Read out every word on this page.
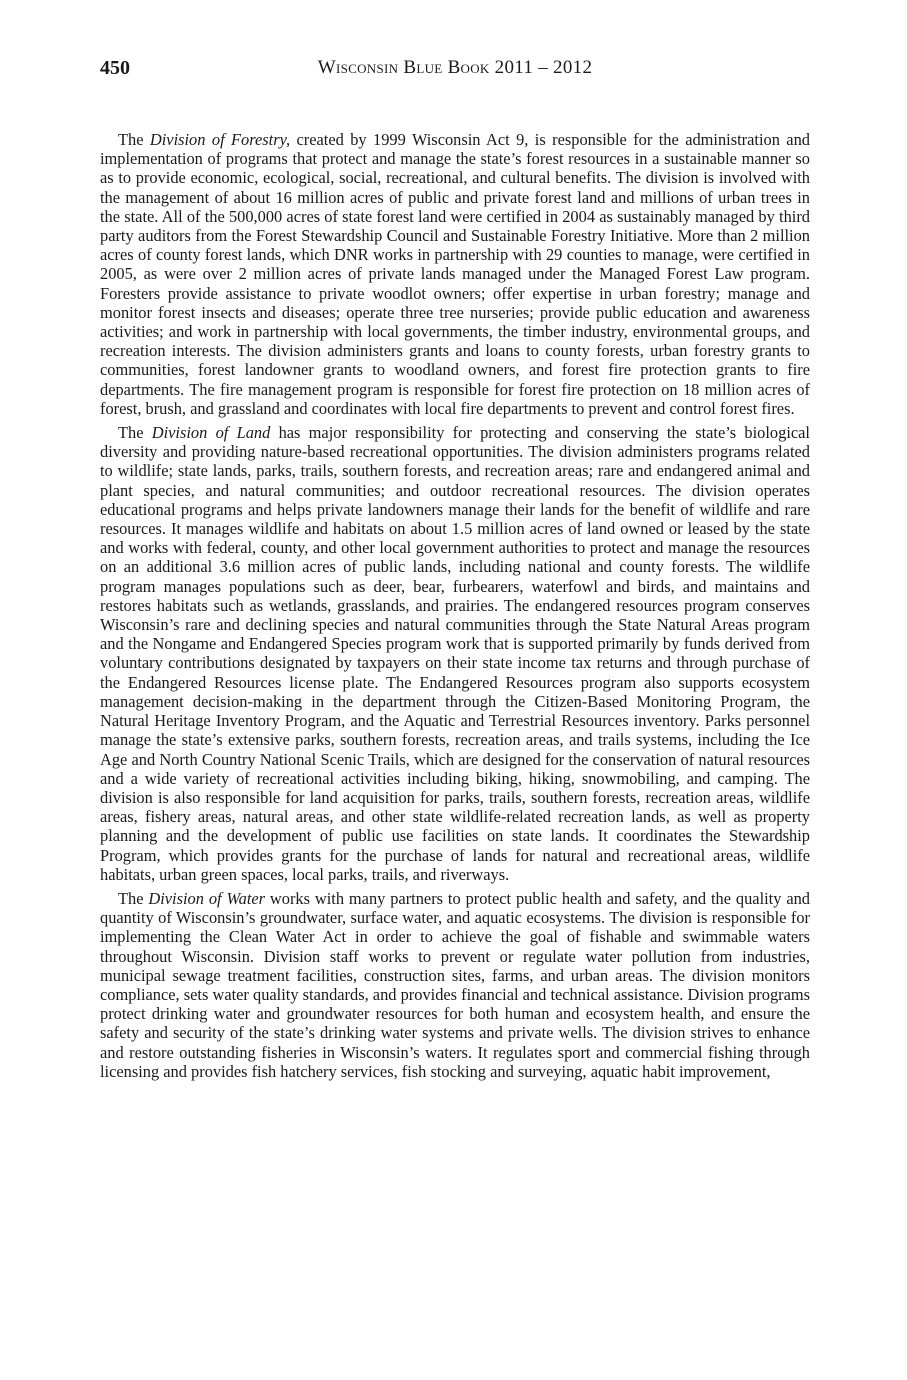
450	Wisconsin Blue Book 2011 – 2012

The Division of Forestry, created by 1999 Wisconsin Act 9, is responsible for the administration and implementation of programs that protect and manage the state’s forest resources in a sustainable manner so as to provide economic, ecological, social, recreational, and cultural benefits. The division is involved with the management of about 16 million acres of public and private forest land and millions of urban trees in the state. All of the 500,000 acres of state forest land were certified in 2004 as sustainably managed by third party auditors from the Forest Stewardship Council and Sustainable Forestry Initiative. More than 2 million acres of county forest lands, which DNR works in partnership with 29 counties to manage, were certified in 2005, as were over 2 million acres of private lands managed under the Managed Forest Law program. Foresters provide assistance to private woodlot owners; offer expertise in urban forestry; manage and monitor forest insects and diseases; operate three tree nurseries; provide public education and awareness activities; and work in partnership with local governments, the timber industry, environmental groups, and recreation interests. The division administers grants and loans to county forests, urban forestry grants to communities, forest landowner grants to woodland owners, and forest fire protection grants to fire departments. The fire management program is responsible for forest fire protection on 18 million acres of forest, brush, and grassland and coordinates with local fire departments to prevent and control forest fires.

The Division of Land has major responsibility for protecting and conserving the state’s biological diversity and providing nature-based recreational opportunities. The division administers programs related to wildlife; state lands, parks, trails, southern forests, and recreation areas; rare and endangered animal and plant species, and natural communities; and outdoor recreational resources. The division operates educational programs and helps private landowners manage their lands for the benefit of wildlife and rare resources. It manages wildlife and habitats on about 1.5 million acres of land owned or leased by the state and works with federal, county, and other local government authorities to protect and manage the resources on an additional 3.6 million acres of public lands, including national and county forests. The wildlife program manages populations such as deer, bear, furbearers, waterfowl and birds, and maintains and restores habitats such as wetlands, grasslands, and prairies. The endangered resources program conserves Wisconsin’s rare and declining species and natural communities through the State Natural Areas program and the Nongame and Endangered Species program work that is supported primarily by funds derived from voluntary contributions designated by taxpayers on their state income tax returns and through purchase of the Endangered Resources license plate. The Endangered Resources program also supports ecosystem management decision-making in the department through the Citizen-Based Monitoring Program, the Natural Heritage Inventory Program, and the Aquatic and Terrestrial Resources inventory. Parks personnel manage the state’s extensive parks, southern forests, recreation areas, and trails systems, including the Ice Age and North Country National Scenic Trails, which are designed for the conservation of natural resources and a wide variety of recreational activities including biking, hiking, snowmobiling, and camping. The division is also responsible for land acquisition for parks, trails, southern forests, recreation areas, wildlife areas, fishery areas, natural areas, and other state wildlife-related recreation lands, as well as property planning and the development of public use facilities on state lands. It coordinates the Stewardship Program, which provides grants for the purchase of lands for natural and recreational areas, wildlife habitats, urban green spaces, local parks, trails, and riverways.

The Division of Water works with many partners to protect public health and safety, and the quality and quantity of Wisconsin’s groundwater, surface water, and aquatic ecosystems. The division is responsible for implementing the Clean Water Act in order to achieve the goal of fishable and swimmable waters throughout Wisconsin. Division staff works to prevent or regulate water pollution from industries, municipal sewage treatment facilities, construction sites, farms, and urban areas. The division monitors compliance, sets water quality standards, and provides financial and technical assistance. Division programs protect drinking water and groundwater resources for both human and ecosystem health, and ensure the safety and security of the state’s drinking water systems and private wells. The division strives to enhance and restore outstanding fisheries in Wisconsin’s waters. It regulates sport and commercial fishing through licensing and provides fish hatchery services, fish stocking and surveying, aquatic habit improvement,
